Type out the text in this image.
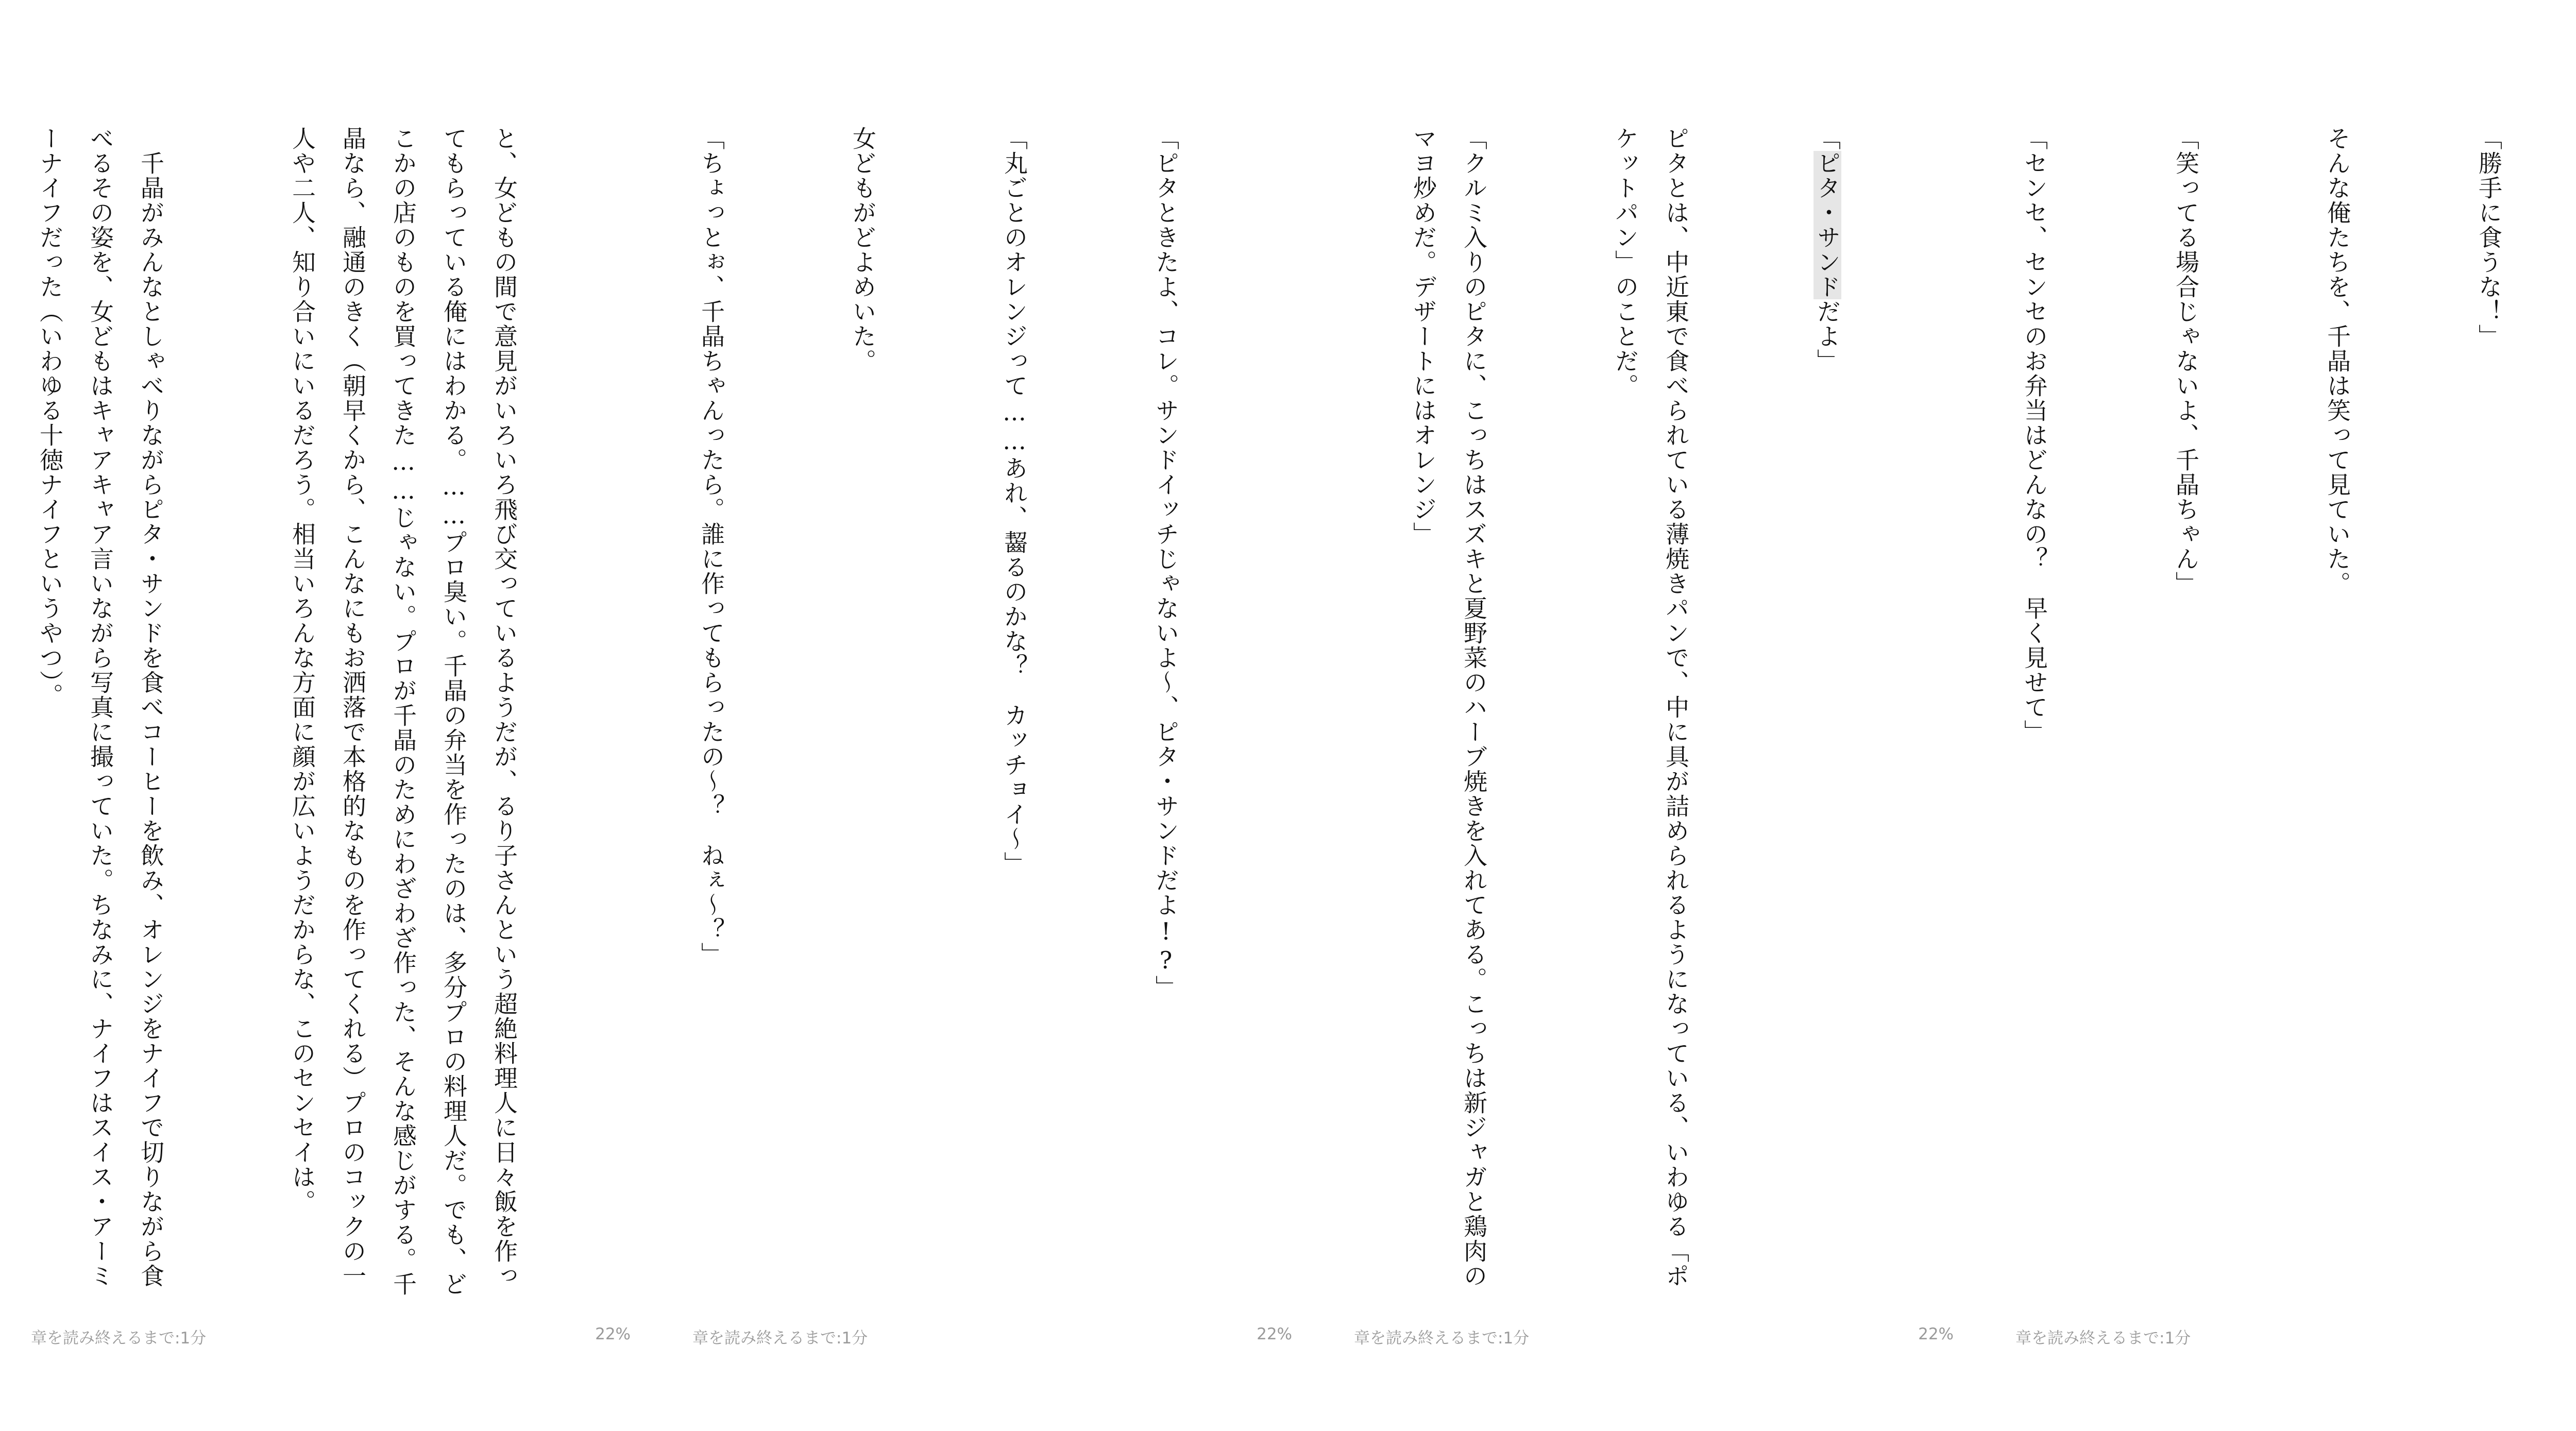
「勝手に食うな！」

そんな俺たちを、千晶は笑って見ていた。

「笑ってる場合じゃないよ、千晶ちゃん」

「センセ、センセのお弁当はどんなの？　早く見せて」

章を読み終えるまで:1分

「ピタ・サンドだよ」

ピタとは、中近東で食べられている薄焼きパンで、中に具が詰められるようになっている、いわゆる「ポケットパン」のことだ。

「クルミ入りのピタに、こっちはスズキと夏野菜のハーブ焼きを入れてある。こっちは新ジャガと鶏肉のマヨ炒めだ。デザートにはオレンジ」

章を読み終えるまで:1分	22%

「ピタときたよ、コレ。サンドイッチじゃないよ〜、ピタ・サンドだよ!?」

「丸ごとのオレンジって……あれ、齧るのかな？　カッチョイ〜」

女どもがどよめいた。

「ちょっとぉ、千晶ちゃんったら。誰に作ってもらったの〜？　ねぇ〜？」

章を読み終えるまで:1分	22%

と、女どもの間で意見がいろいろ飛び交っているようだが、るり子さんという超絶料理人に日々飯を作ってもらっている俺にはわかる。……プロ臭い。千晶の弁当を作ったのは、多分プロの料理人だ。でも、どこかの店のものを買ってきた……じゃない。プロが千晶のためにわざわざ作った、そんな感じがする。千晶なら、融通のきく（朝早くから、こんなにもお洒落で本格的なものを作ってくれる）プロのコックの一人や二人、知り合いにいるだろう。相当いろんな方面に顔が広いようだからな、このセンセイは。

　千晶がみんなとしゃべりながらピタ・サンドを食べコーヒーを飲み、オレンジをナイフで切りながら食べるその姿を、女どもはキャアキャア言いながら写真に撮っていた。ちなみに、ナイフはスイス・アーミーナイフだった（いわゆる十徳ナイフというやつ）。

章を読み終えるまで:1分	22%
